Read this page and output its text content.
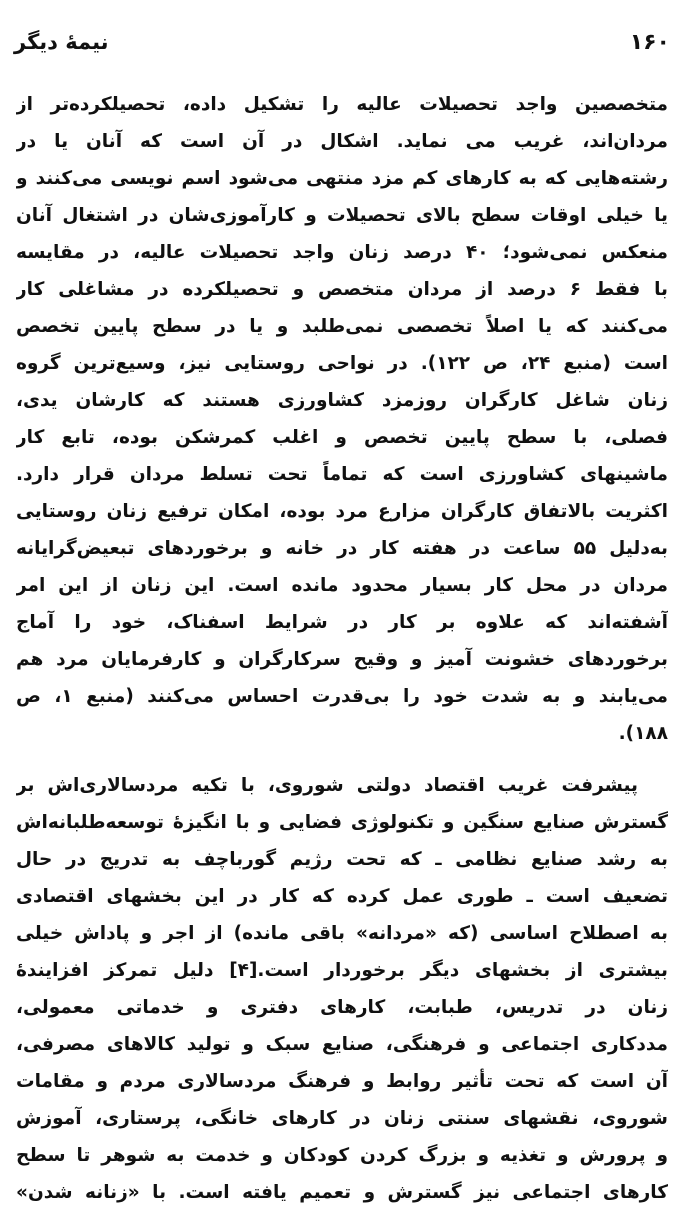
۱۶۰
نیمهٔ دیگر
متخصصین واجد تحصیلات عالیه را تشکیل داده، تحصیلکرده‌تر از
مردان‌اند، غریب می نماید. اشکال در آن است که آنان یا در
رشته‌هایی که به کارهای کم مزد منتهی می‌شود اسم نویسی می‌کنند و
یا خیلی اوقات سطح بالای تحصیلات و کارآموزی‌شان در اشتغال آنان
منعکس نمی‌شود؛ ۴۰ درصد زنان واجد تحصیلات عالیه، در مقایسه
با فقط ۶ درصد از مردان متخصص و تحصیلکرده در مشاغلی کار
می‌کنند که یا اصلاً تخصصی نمی‌طلبد و یا در سطح پایین تخصص
است (منبع ۲۴، ص ۱۲۲). در نواحی روستایی نیز، وسیع‌ترین گروه
زنان شاغل کارگران روزمزد کشاورزی هستند که کارشان یدی،
فصلی، با سطح پایین تخصص و اغلب کمرشکن بوده، تابع کار
ماشینهای کشاورزی است که تماماً تحت تسلط مردان قرار دارد.
اکثریت بالاتفاق کارگران مزارع مرد بوده، امکان ترفیع زنان روستایی
به‌دلیل ۵۵ ساعت در هفته کار در خانه و برخوردهای تبعیض‌گرایانه
مردان در محل کار بسیار محدود مانده است. این زنان از این امر
آشفته‌اند که علاوه بر کار در شرایط اسفناک، خود را آماج
برخوردهای خشونت آمیز و وقیح سرکارگران و کارفرمایان مرد هم
می‌یابند و به شدت خود را بی‌قدرت احساس می‌کنند (منبع ۱، ص
۱۸۸).
پیشرفت غریب اقتصاد دولتی شوروی، با تکیه مردسالاری‌اش بر
گسترش صنایع سنگین و تکنولوژی فضایی و با انگیزهٔ توسعه‌طلبانه‌اش
به رشد صنایع نظامی ـ که تحت رژیم گورباچف به تدریج در حال
تضعیف است ـ طوری عمل کرده که کار در این بخشهای اقتصادی
به اصطلاح اساسی (که «مردانه» باقی مانده) از اجر و پاداش خیلی
بیشتری از بخشهای دیگر برخوردار است.[۴] دلیل تمرکز افزایندهٔ
زنان در تدریس، طبابت، کارهای دفتری و خدماتی معمولی،
مددکاری اجتماعی و فرهنگی، صنایع سبک و تولید کالاهای مصرفی،
آن است که تحت تأثیر روابط و فرهنگ مردسالاری مردم و مقامات
شوروی، نقشهای سنتی زنان در کارهای خانگی، پرستاری، آموزش
و پرورش و تغذیه و بزرگ کردن کودکان و خدمت به شوهر تا سطح
کارهای اجتماعی نیز گسترش و تعمیم یافته است. با «زنانه شدن»
